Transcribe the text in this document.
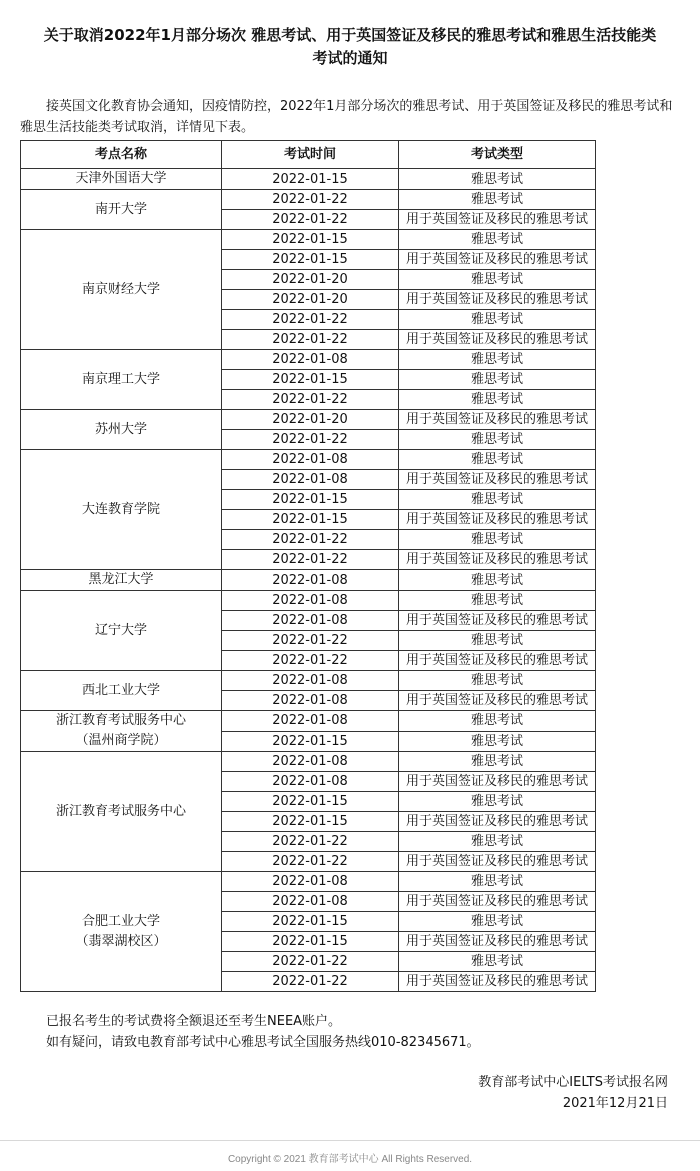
关于取消2022年1月部分场次 雅思考试、用于英国签证及移民的雅思考试和雅思生活技能类
考试的通知
接英国文化教育协会通知，因疫情防控，2022年1月部分场次的雅思考试、用于英国签证及移民的雅思考试和雅思生活技能类考试取消，详情见下表。
考点名称	考试时间	考试类型
天津外国语大学	2022-01-15	雅思考试
南开大学	2022-01-22	雅思考试
	2022-01-22	用于英国签证及移民的雅思考试
南京财经大学	2022-01-15	雅思考试
	2022-01-15	用于英国签证及移民的雅思考试
	2022-01-20	雅思考试
	2022-01-20	用于英国签证及移民的雅思考试
	2022-01-22	雅思考试
	2022-01-22	用于英国签证及移民的雅思考试
南京理工大学	2022-01-08	雅思考试
	2022-01-15	雅思考试
	2022-01-22	雅思考试
苏州大学	2022-01-20	用于英国签证及移民的雅思考试
	2022-01-22	雅思考试
大连教育学院	2022-01-08	雅思考试
	2022-01-08	用于英国签证及移民的雅思考试
	2022-01-15	雅思考试
	2022-01-15	用于英国签证及移民的雅思考试
	2022-01-22	雅思考试
	2022-01-22	用于英国签证及移民的雅思考试
黑龙江大学	2022-01-08	雅思考试
辽宁大学	2022-01-08	雅思考试
	2022-01-08	用于英国签证及移民的雅思考试
	2022-01-22	雅思考试
	2022-01-22	用于英国签证及移民的雅思考试
西北工业大学	2022-01-08	雅思考试
	2022-01-08	用于英国签证及移民的雅思考试
浙江教育考试服务中心
（温州商学院）	2022-01-08	雅思考试
	2022-01-15	雅思考试
浙江教育考试服务中心	2022-01-08	雅思考试
	2022-01-08	用于英国签证及移民的雅思考试
	2022-01-15	雅思考试
	2022-01-15	用于英国签证及移民的雅思考试
	2022-01-22	雅思考试
	2022-01-22	用于英国签证及移民的雅思考试
合肥工业大学
（翡翠湖校区）	2022-01-08	雅思考试
	2022-01-08	用于英国签证及移民的雅思考试
	2022-01-15	雅思考试
	2022-01-15	用于英国签证及移民的雅思考试
	2022-01-22	雅思考试
	2022-01-22	用于英国签证及移民的雅思考试
已报名考生的考试费将全额退还至考生NEEA账户。
如有疑问，请致电教育部考试中心雅思考试全国服务热线010-82345671。
教育部考试中心IELTS考试报名网
2021年12月21日
Copyright © 2021 教育部考试中心 All Rights Reserved.
